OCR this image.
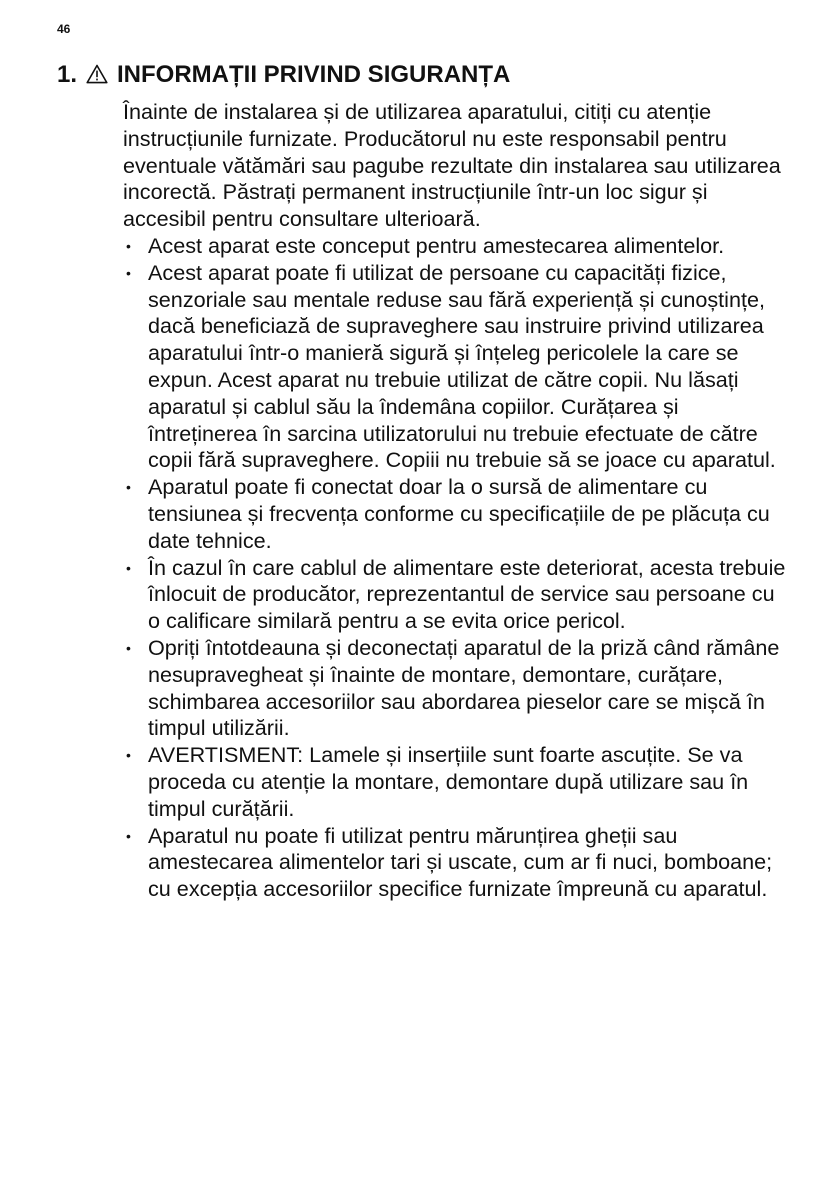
46
1. INFORMAȚII PRIVIND SIGURANȚA

Înainte de instalarea și de utilizarea aparatului, citiți cu atenție instrucțiunile furnizate. Producătorul nu este responsabil pentru eventuale vătămări sau pagube rezultate din instalarea sau utilizarea incorectă. Păstrați permanent instrucțiunile într-un loc sigur și accesibil pentru consultare ulterioară.

• Acest aparat este conceput pentru amestecarea alimentelor.
• Acest aparat poate fi utilizat de persoane cu capacități fizice, senzoriale sau mentale reduse sau fără experiență și cunoștințe, dacă beneficiază de supraveghere sau instruire privind utilizarea aparatului într-o manieră sigură și înțeleg pericolele la care se expun. Acest aparat nu trebuie utilizat de către copii. Nu lăsați aparatul și cablul său la îndemâna copiilor. Curățarea și întreținerea în sarcina utilizatorului nu trebuie efectuate de către copii fără supraveghere. Copiii nu trebuie să se joace cu aparatul.
• Aparatul poate fi conectat doar la o sursă de alimentare cu tensiunea și frecvența conforme cu specificațiile de pe plăcuța cu date tehnice.
• În cazul în care cablul de alimentare este deteriorat, acesta trebuie înlocuit de producător, reprezentantul de service sau persoane cu o calificare similară pentru a se evita orice pericol.
• Opriți întotdeauna și deconectați aparatul de la priză când rămâne nesupravegheat și înainte de montare, demontare, curățare, schimbarea accesoriilor sau abordarea pieselor care se mișcă în timpul utilizării.
• AVERTISMENT: Lamele și inserțiile sunt foarte ascuțite. Se va proceda cu atenție la montare, demontare după utilizare sau în timpul curățării.
• Aparatul nu poate fi utilizat pentru mărunțirea gheții sau amestecarea alimentelor tari și uscate, cum ar fi nuci, bomboane; cu excepția accesoriilor specifice furnizate împreună cu aparatul.
